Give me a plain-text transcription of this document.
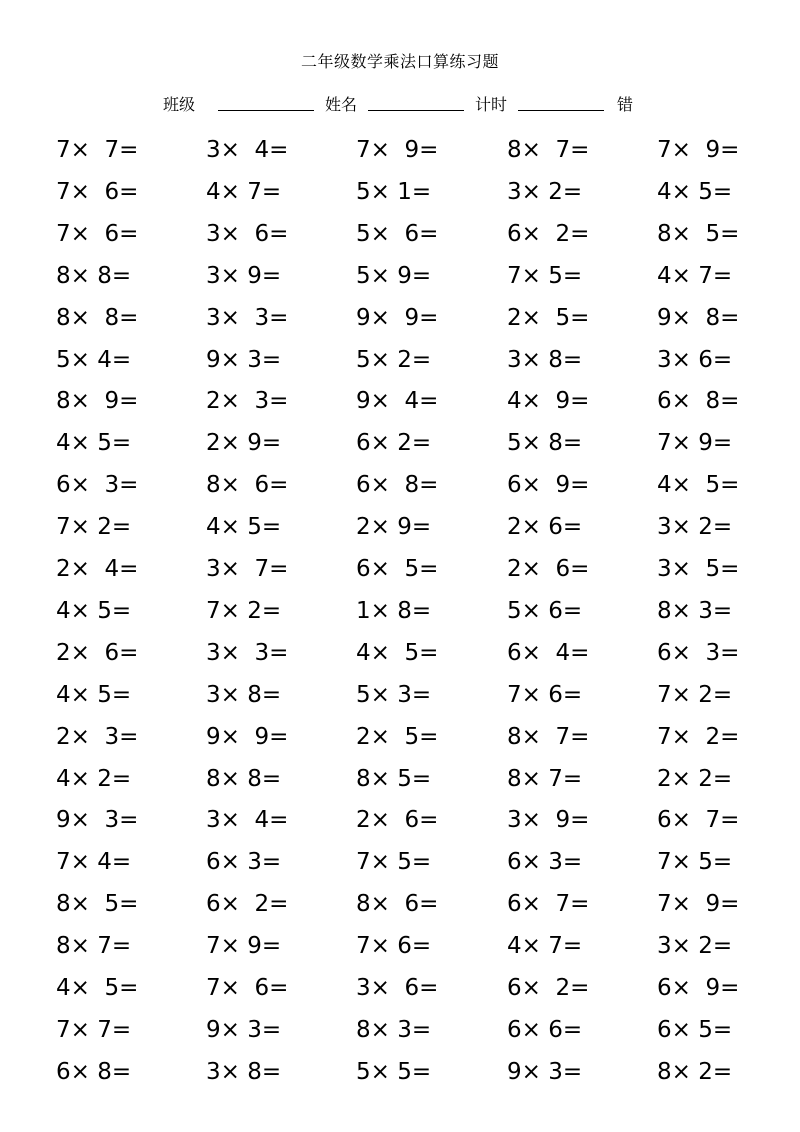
二年级数学乘法口算练习题
班级	姓名	计时	错
7×  7=	3×  4=	7×  9=	8×  7=	7×  9=
7×  6=	4× 7=	5× 1=	3× 2=	4× 5=
7×  6=	3×  6=	5×  6=	6×  2=	8×  5=
8× 8=	3× 9=	5× 9=	7× 5=	4× 7=
8×  8=	3×  3=	9×  9=	2×  5=	9×  8=
5× 4=	9× 3=	5× 2=	3× 8=	3× 6=
8×  9=	2×  3=	9×  4=	4×  9=	6×  8=
4× 5=	2× 9=	6× 2=	5× 8=	7× 9=
6×  3=	8×  6=	6×  8=	6×  9=	4×  5=
7× 2=	4× 5=	2× 9=	2× 6=	3× 2=
2×  4=	3×  7=	6×  5=	2×  6=	3×  5=
4× 5=	7× 2=	1× 8=	5× 6=	8× 3=
2×  6=	3×  3=	4×  5=	6×  4=	6×  3=
4× 5=	3× 8=	5× 3=	7× 6=	7× 2=
2×  3=	9×  9=	2×  5=	8×  7=	7×  2=
4× 2=	8× 8=	8× 5=	8× 7=	2× 2=
9×  3=	3×  4=	2×  6=	3×  9=	6×  7=
7× 4=	6× 3=	7× 5=	6× 3=	7× 5=
8×  5=	6×  2=	8×  6=	6×  7=	7×  9=
8× 7=	7× 9=	7× 6=	4× 7=	3× 2=
4×  5=	7×  6=	3×  6=	6×  2=	6×  9=
7× 7=	9× 3=	8× 3=	6× 6=	6× 5=
6× 8=	3× 8=	5× 5=	9× 3=	8× 2=
